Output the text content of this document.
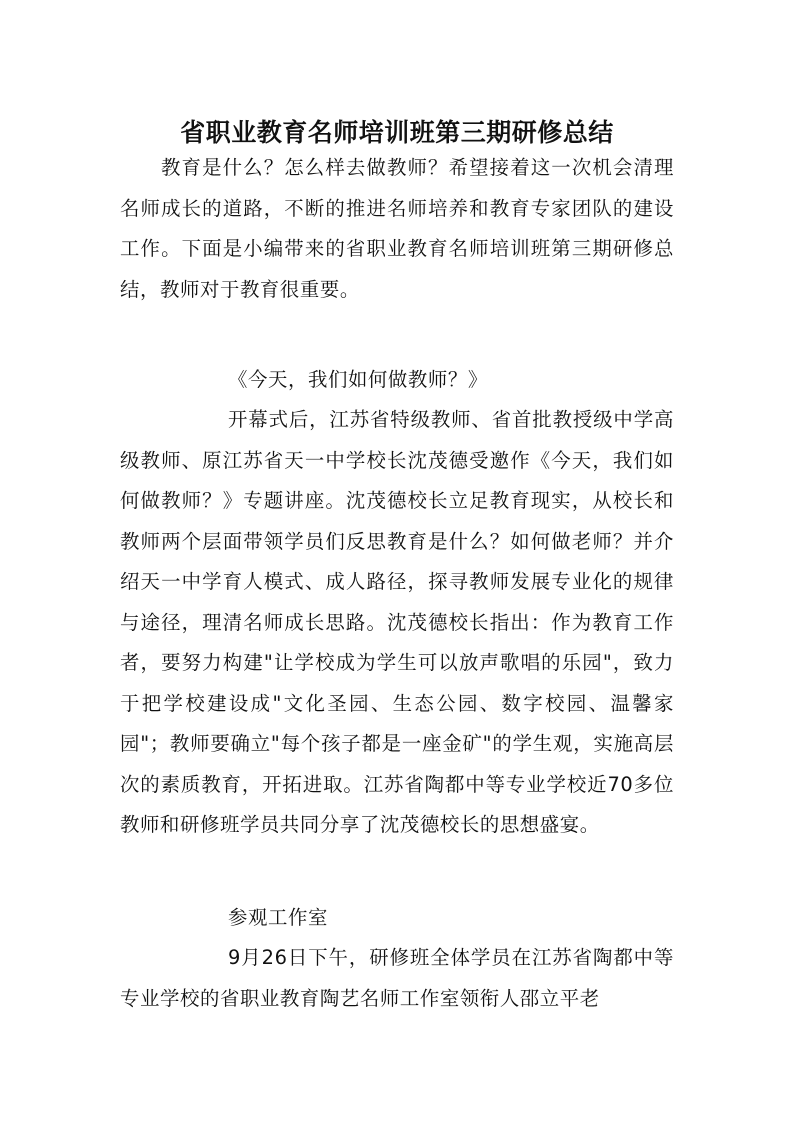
省职业教育名师培训班第三期研修总结

教育是什么？怎么样去做教师？希望接着这一次机会清理名师成长的道路，不断的推进名师培养和教育专家团队的建设工作。下面是小编带来的省职业教育名师培训班第三期研修总结，教师对于教育很重要。

《今天，我们如何做教师？》

开幕式后，江苏省特级教师、省首批教授级中学高级教师、原江苏省天一中学校长沈茂德受邀作《今天，我们如何做教师？》专题讲座。沈茂德校长立足教育现实，从校长和教师两个层面带领学员们反思教育是什么？如何做老师？并介绍天一中学育人模式、成人路径，探寻教师发展专业化的规律与途径，理清名师成长思路。沈茂德校长指出：作为教育工作者，要努力构建"让学校成为学生可以放声歌唱的乐园"，致力于把学校建设成"文化圣园、生态公园、数字校园、温馨家园"；教师要确立"每个孩子都是一座金矿"的学生观，实施高层次的素质教育，开拓进取。江苏省陶都中等专业学校近70多位教师和研修班学员共同分享了沈茂德校长的思想盛宴。

参观工作室

9月26日下午，研修班全体学员在江苏省陶都中等专业学校的省职业教育陶艺名师工作室领衔人邵立平老
